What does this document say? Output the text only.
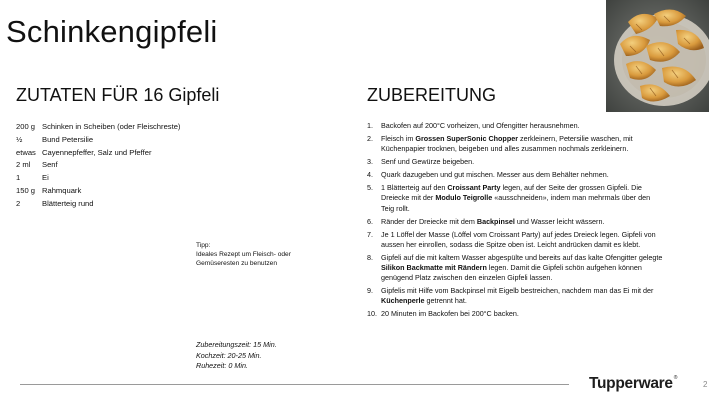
Schinkengipfeli
ZUTATEN FÜR 16 Gipfeli
200 g Schinken in Scheiben (oder Fleischreste)
½	Bund Petersilie
etwas Cayennepfeffer, Salz und Pfeffer
2 ml	Senf
1	Ei
150 g Rahmquark
2	Blätterteig rund
Tipp:
Ideales Rezept um Fleisch- oder Gemüseresten zu benutzen
Zubereitungszeit: 15 Min.
Kochzeit: 20-25 Min.
Ruhezeit: 0 Min.
ZUBEREITUNG
1.	Backofen auf 200°C vorheizen, und Ofengitter herausnehmen.
2.	Fleisch im Grossen SuperSonic Chopper zerkleinern, Petersilie waschen, mit Küchenpapier trocknen, beigeben und alles zusammen nochmals zerkleinern.
3.	Senf und Gewürze beigeben.
4.	Quark dazugeben und gut mischen. Messer aus dem Behälter nehmen.
5.	1 Blätterteig auf den Croissant Party legen, auf der Seite der grossen Gipfeli. Die Dreiecke mit der Modulo Teigrolle «ausschneiden», indem man mehrmals über den Teig rollt.
6.	Ränder der Dreiecke mit dem Backpinsel und Wasser leicht wässern.
7.	Je 1 Löffel der Masse (Löffel vom Croissant Party) auf jedes Dreieck legen. Gipfeli von aussen her einrollen, sodass die Spitze oben ist. Leicht andrücken damit es klebt.
8.	Gipfeli auf die mit kaltem Wasser abgespülte und bereits auf das kalte Ofengitter gelegte Silikon Backmatte mit Rändern legen. Damit die Gipfeli schön aufgehen können genügend Platz zwischen den einzelen Gipfeli lassen.
9.	Gipfelis mit Hilfe vom Backpinsel mit Eigelb bestreichen, nachdem man das Ei mit der Küchenperle getrennt hat.
10. 20 Minuten im Backofen bei 200°C backen.
Tupperware®
2
